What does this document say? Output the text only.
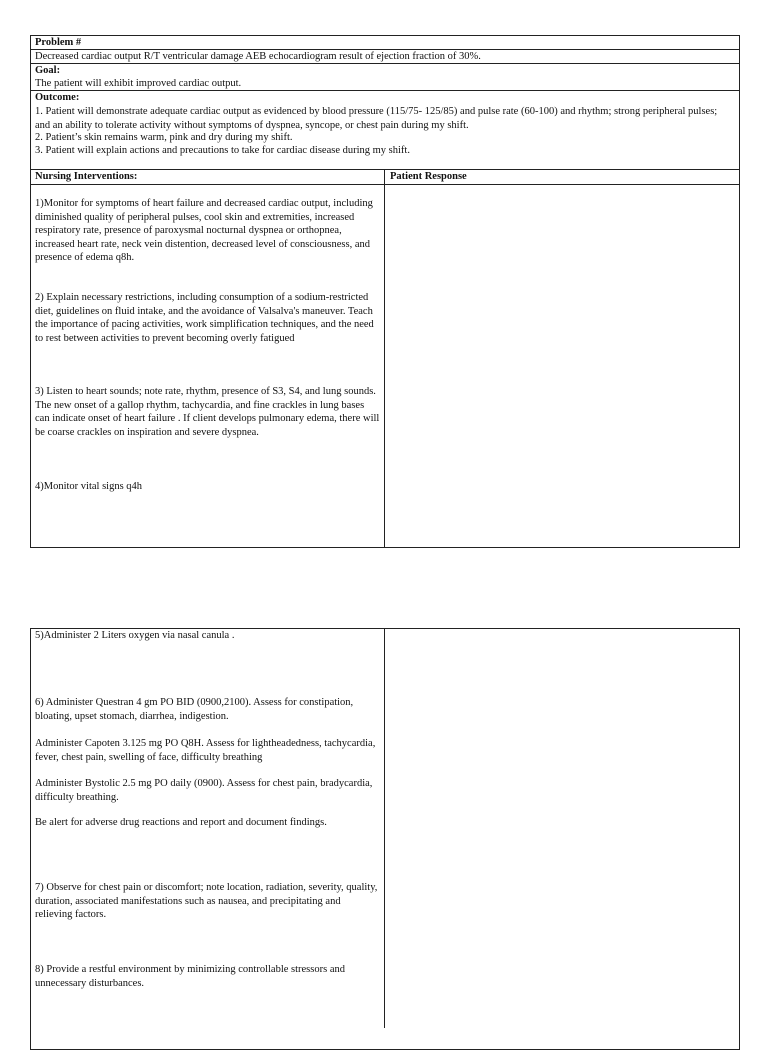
Problem #
Decreased cardiac output R/T ventricular damage AEB echocardiogram result of ejection fraction of 30%.
Goal:
The patient will exhibit improved cardiac output.
Outcome:
1. Patient will demonstrate adequate cardiac output as evidenced by blood pressure (115/75- 125/85) and pulse rate (60-100) and rhythm; strong peripheral pulses; and an ability to tolerate activity without symptoms of dyspnea, syncope, or chest pain during my shift.
2. Patient’s skin remains warm, pink and dry during my shift.
3. Patient will explain actions and precautions to take for cardiac disease during my shift.
Nursing Interventions:	Patient Response

1)Monitor for symptoms of heart failure and decreased cardiac output, including diminished quality of peripheral pulses, cool skin and extremities, increased respiratory rate, presence of paroxysmal nocturnal dyspnea or orthopnea, increased heart rate, neck vein distention, decreased level of consciousness, and presence of edema q8h.

2) Explain necessary restrictions, including consumption of a sodium-restricted diet, guidelines on fluid intake, and the avoidance of Valsalva's maneuver. Teach the importance of pacing activities, work simplification techniques, and the need to rest between activities to prevent becoming overly fatigued

3) Listen to heart sounds; note rate, rhythm, presence of S3, S4, and lung sounds. The new onset of a gallop rhythm, tachycardia, and fine crackles in lung bases can indicate onset of heart failure . If client develops pulmonary edema, there will be coarse crackles on inspiration and severe dyspnea.

4)Monitor vital signs q4h

5)Administer 2 Liters oxygen via nasal canula .

6) Administer Questran 4 gm PO BID (0900,2100). Assess for constipation, bloating, upset stomach, diarrhea, indigestion.

Administer Capoten 3.125 mg PO Q8H. Assess for lightheadedness, tachycardia, fever, chest pain, swelling of face, difficulty breathing

Administer Bystolic 2.5 mg PO daily (0900). Assess for chest pain, bradycardia, difficulty breathing.

Be alert for adverse drug reactions and report and document findings.

7) Observe for chest pain or discomfort; note location, radiation, severity, quality, duration, associated manifestations such as nausea, and precipitating and relieving factors.

8) Provide a restful environment by minimizing controllable stressors and unnecessary disturbances.
